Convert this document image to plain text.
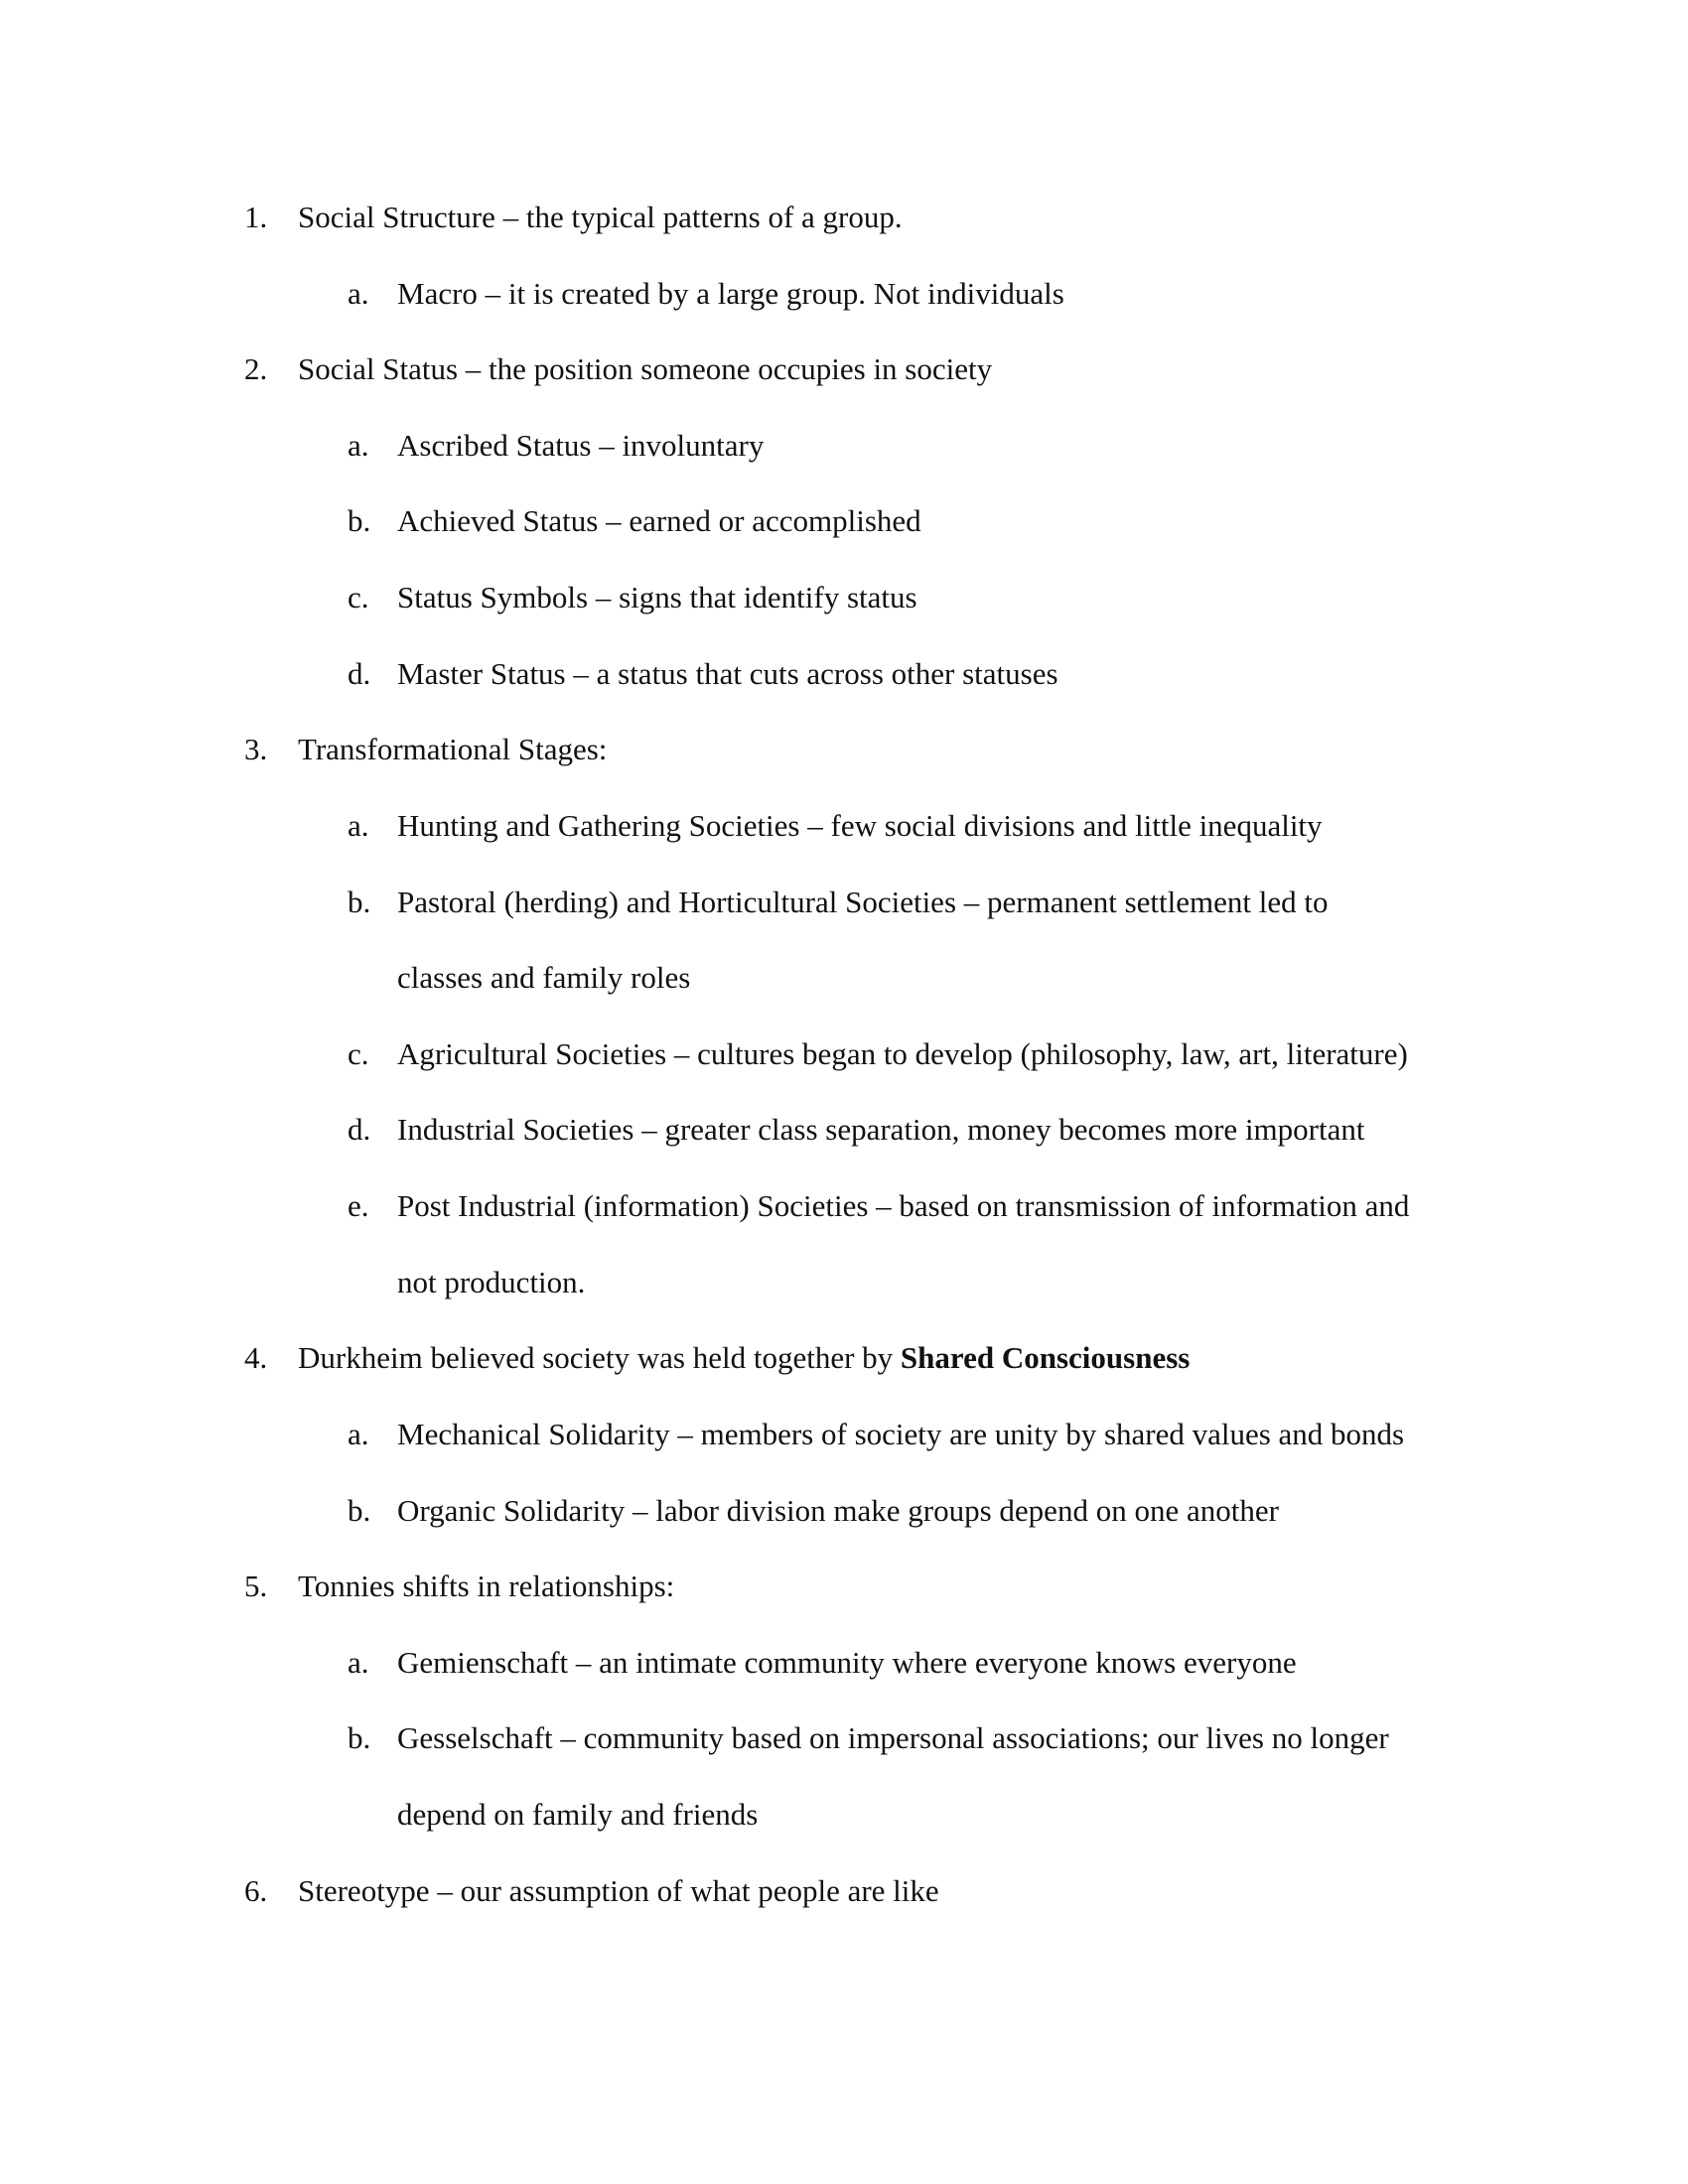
1. Social Structure – the typical patterns of a group.
a. Macro – it is created by a large group. Not individuals
2. Social Status – the position someone occupies in society
a. Ascribed Status – involuntary
b. Achieved Status – earned or accomplished
c. Status Symbols – signs that identify status
d. Master Status – a status that cuts across other statuses
3. Transformational Stages:
a. Hunting and Gathering Societies – few social divisions and little inequality
b. Pastoral (herding) and Horticultural Societies – permanent settlement led to
classes and family roles
c. Agricultural Societies – cultures began to develop (philosophy, law, art, literature)
d. Industrial Societies – greater class separation, money becomes more important
e. Post Industrial (information) Societies – based on transmission of information and
not production.
4. Durkheim believed society was held together by Shared Consciousness
a. Mechanical Solidarity – members of society are unity by shared values and bonds
b. Organic Solidarity – labor division make groups depend on one another
5. Tonnies shifts in relationships:
a. Gemienschaft – an intimate community where everyone knows everyone
b. Gesselschaft – community based on impersonal associations; our lives no longer
depend on family and friends
6. Stereotype – our assumption of what people are like
